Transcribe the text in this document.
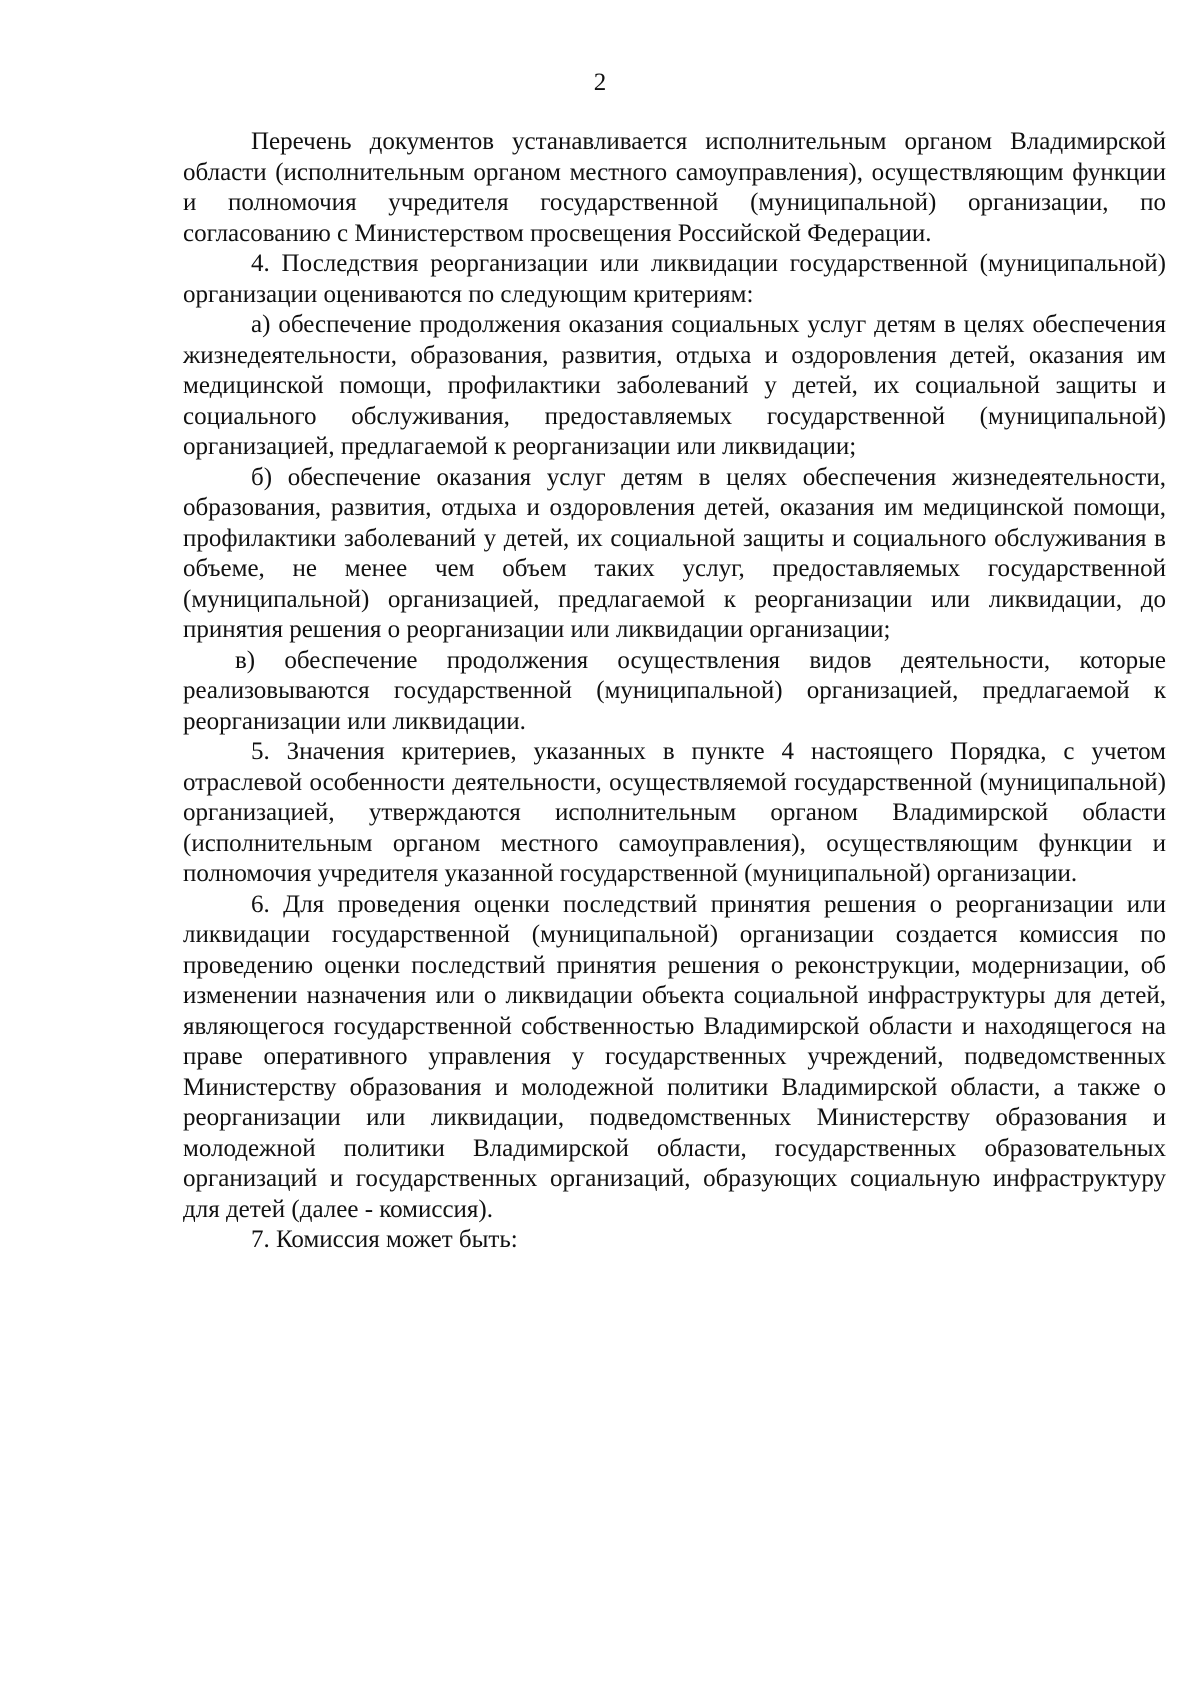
2

Перечень документов устанавливается исполнительным органом Владимирской области (исполнительным органом местного самоуправления), осуществляющим функции и полномочия учредителя государственной (муниципальной) организации, по согласованию с Министерством просвещения Российской Федерации.

4. Последствия реорганизации или ликвидации государственной (муниципальной) организации оцениваются по следующим критериям:

а) обеспечение продолжения оказания социальных услуг детям в целях обеспечения жизнедеятельности, образования, развития, отдыха и оздоровления детей, оказания им медицинской помощи, профилактики заболеваний у детей, их социальной защиты и социального обслуживания, предоставляемых государственной (муниципальной) организацией, предлагаемой к реорганизации или ликвидации;

б) обеспечение оказания услуг детям в целях обеспечения жизнедеятельности, образования, развития, отдыха и оздоровления детей, оказания им медицинской помощи, профилактики заболеваний у детей, их социальной защиты и социального обслуживания в объеме, не менее чем объем таких услуг, предоставляемых государственной (муниципальной) организацией, предлагаемой к реорганизации или ликвидации, до принятия решения о реорганизации или ликвидации организации;

в) обеспечение продолжения осуществления видов деятельности, которые реализовываются государственной (муниципальной) организацией, предлагаемой к реорганизации или ликвидации.

5. Значения критериев, указанных в пункте 4 настоящего Порядка, с учетом отраслевой особенности деятельности, осуществляемой государственной (муниципальной) организацией, утверждаются исполнительным органом Владимирской области (исполнительным органом местного самоуправления), осуществляющим функции и полномочия учредителя указанной государственной (муниципальной) организации.

6. Для проведения оценки последствий принятия решения о реорганизации или ликвидации государственной (муниципальной) организации создается комиссия по проведению оценки последствий принятия решения о реконструкции, модернизации, об изменении назначения или о ликвидации объекта социальной инфраструктуры для детей, являющегося государственной собственностью Владимирской области и находящегося на праве оперативного управления у государственных учреждений, подведомственных Министерству образования и молодежной политики Владимирской области, а также о реорганизации или ликвидации, подведомственных Министерству образования и молодежной политики Владимирской области, государственных образовательных организаций и государственных организаций, образующих социальную инфраструктуру для детей (далее - комиссия).

7. Комиссия может быть:
